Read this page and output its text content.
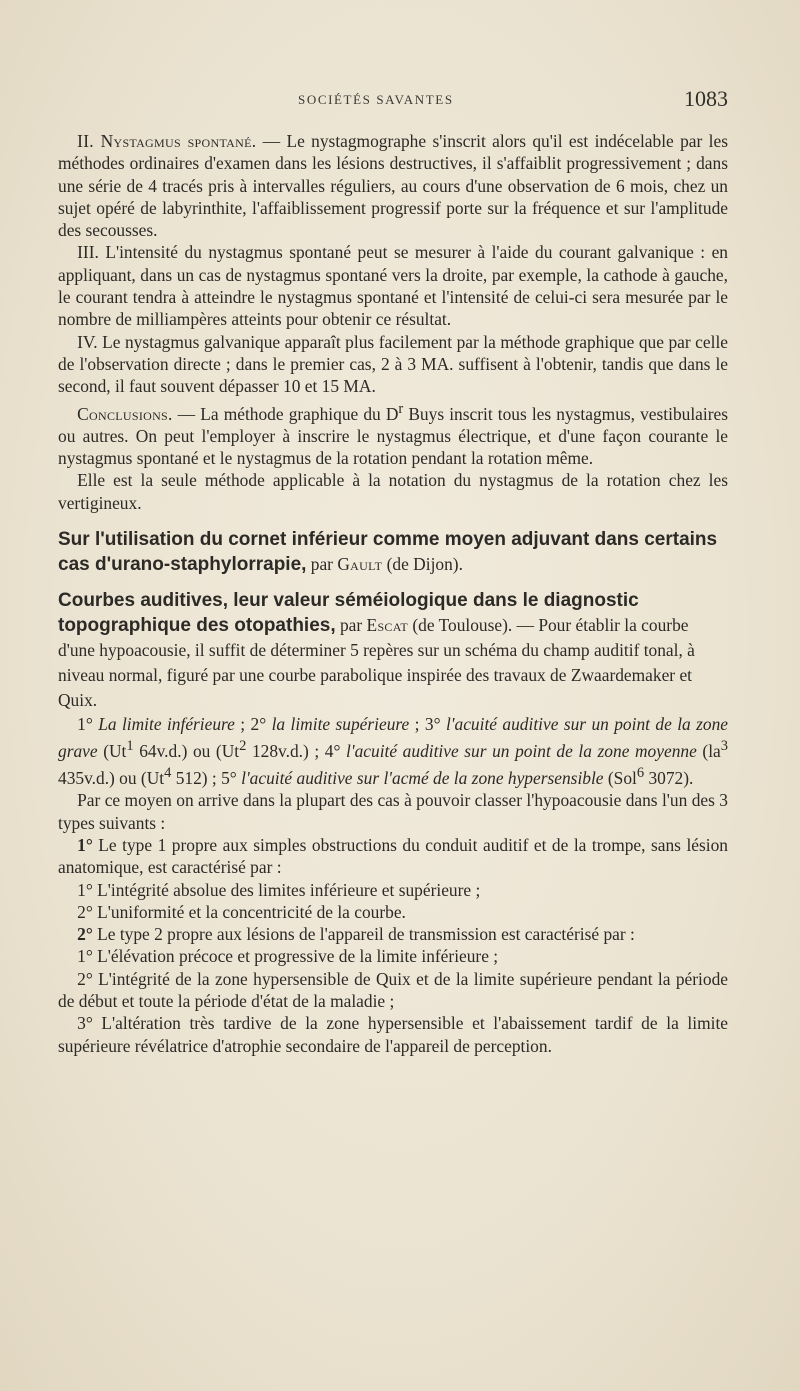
SOCIÉTÉS SAVANTES	1083

II. Nystagmus spontané. — Le nystagmographe s'inscrit alors qu'il est indécelable par les méthodes ordinaires d'examen dans les lésions destructives, il s'affaiblit progressivement ; dans une série de 4 tracés pris à intervalles réguliers, au cours d'une observation de 6 mois, chez un sujet opéré de labyrinthite, l'affaiblissement progressif porte sur la fréquence et sur l'amplitude des secousses.

III. L'intensité du nystagmus spontané peut se mesurer à l'aide du courant galvanique : en appliquant, dans un cas de nystagmus spontané vers la droite, par exemple, la cathode à gauche, le courant tendra à atteindre le nystagmus spontané et l'intensité de celui-ci sera mesurée par le nombre de milliampères atteints pour obtenir ce résultat.

IV. Le nystagmus galvanique apparaît plus facilement par la méthode graphique que par celle de l'observation directe ; dans le premier cas, 2 à 3 MA. suffisent à l'obtenir, tandis que dans le second, il faut souvent dépasser 10 et 15 MA.

Conclusions. — La méthode graphique du $D^r$ Buys inscrit tous les nystagmus, vestibulaires ou autres. On peut l'employer à inscrire le nystagmus électrique, et d'une façon courante le nystagmus spontané et le nystagmus de la rotation pendant la rotation même.

Elle est la seule méthode applicable à la notation du nystagmus de la rotation chez les vertigineux.

Sur l'utilisation du cornet inférieur comme moyen adjuvant dans certains cas d'urano-staphylorrapie, par Gault (de Dijon).

Courbes auditives, leur valeur séméiologique dans le diagnostic topographique des otopathies, par Escat (de Toulouse). — Pour établir la courbe d'une hypoacousie, il suffit de déterminer 5 repères sur un schéma du champ auditif tonal, à niveau normal, figuré par une courbe parabolique inspirée des travaux de Zwaardemaker et Quix.

1° La limite inférieure ; 2° la limite supérieure ; 3° l'acuité auditive sur un point de la zone grave (Ut$^1$ 64v.d.) ou (Ut$^2$ 128v.d.) ; 4° l'acuité auditive sur un point de la zone moyenne ($la^3$ 435v.d.) ou (Ut$^4$ 512) ; 5° l'acuité auditive sur l'acmé de la zone hypersensible (Sol$^6$ 3072).

Par ce moyen on arrive dans la plupart des cas à pouvoir classer l'hypoacousie dans l'un des 3 types suivants :

1° Le type 1 propre aux simples obstructions du conduit auditif et de la trompe, sans lésion anatomique, est caractérisé par :

1° L'intégrité absolue des limites inférieure et supérieure ;

2° L'uniformité et la concentricité de la courbe.

2° Le type 2 propre aux lésions de l'appareil de transmission est caractérisé par :

1° L'élévation précoce et progressive de la limite inférieure ;

2° L'intégrité de la zone hypersensible de Quix et de la limite supérieure pendant la période de début et toute la période d'état de la maladie ;

3° L'altération très tardive de la zone hypersensible et l'abaissement tardif de la limite supérieure révélatrice d'atrophie secondaire de l'appareil de perception.
